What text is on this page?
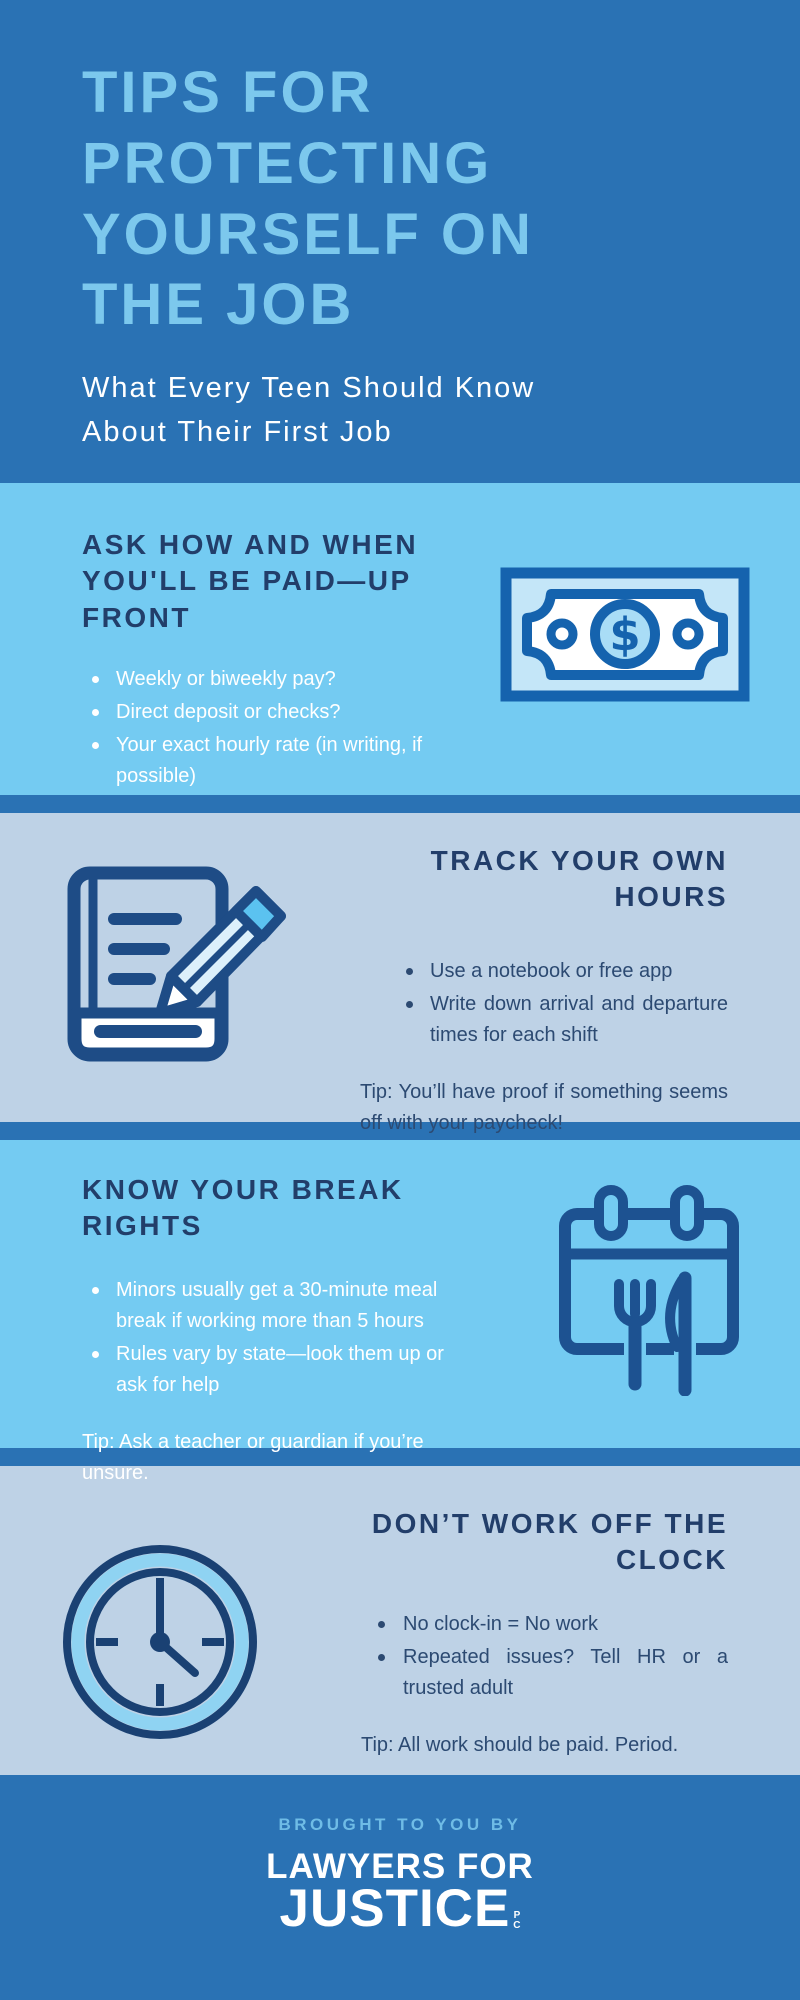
TIPS FOR PROTECTING YOURSELF ON THE JOB
What Every Teen Should Know About Their First Job
ASK HOW AND WHEN YOU'LL BE PAID—UP FRONT
Weekly or biweekly pay?
Direct deposit or checks?
Your exact hourly rate (in writing, if possible)
$
TRACK YOUR OWN HOURS
Use a notebook or free app
Write down arrival and departure times for each shift
Tip: You’ll have proof if something seems off with your paycheck!
KNOW YOUR BREAK RIGHTS
Minors usually get a 30-minute meal break if working more than 5 hours
Rules vary by state—look them up or ask for help
Tip: Ask a teacher or guardian if you’re unsure.
DON’T WORK OFF THE CLOCK
No clock-in = No work
Repeated issues? Tell HR or a trusted adult
Tip: All work should be paid. Period.
BROUGHT TO YOU BY
LAWYERS FOR
JUSTICE P
C
